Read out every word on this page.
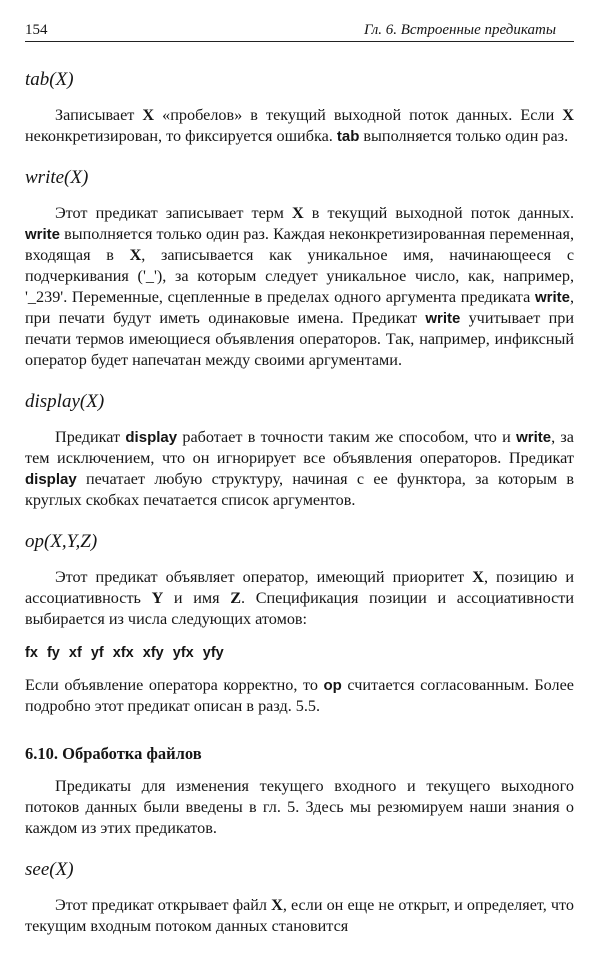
154	Гл. 6. Встроенные предикаты
tab(X)

Записывает X «пробелов» в текущий выходной поток данных. Если X неконкретизирован, то фиксируется ошибка. tab выполняется только один раз.

write(X)

Этот предикат записывает терм X в текущий выходной поток данных. write выполняется только один раз. Каждая неконкретизированная переменная, входящая в X, записывается как уникальное имя, начинающееся с подчеркивания ('_'), за которым следует уникальное число, как, например, '_239'. Переменные, сцепленные в пределах одного аргумента предиката write, при печати будут иметь одинаковые имена. Предикат write учитывает при печати термов имеющиеся объявления операторов. Так, например, инфиксный оператор будет напечатан между своими аргументами.

display(X)

Предикат display работает в точности таким же способом, что и write, за тем исключением, что он игнорирует все объявления операторов. Предикат display печатает любую структуру, начиная с ее функтора, за которым в круглых скобках печатается список аргументов.

op(X,Y,Z)

Этот предикат объявляет оператор, имеющий приоритет X, позицию и ассоциативность Y и имя Z. Спецификация позиции и ассоциативности выбирается из числа следующих атомов:

fx fy xf yf xfx xfy yfx yfy

Если объявление оператора корректно, то op считается согласованным. Более подробно этот предикат описан в разд. 5.5.

6.10. Обработка файлов

Предикаты для изменения текущего входного и текущего выходного потоков данных были введены в гл. 5. Здесь мы резюмируем наши знания о каждом из этих предикатов.

see(X)

Этот предикат открывает файл X, если он еще не открыт, и определяет, что текущим входным потоком данных становится
